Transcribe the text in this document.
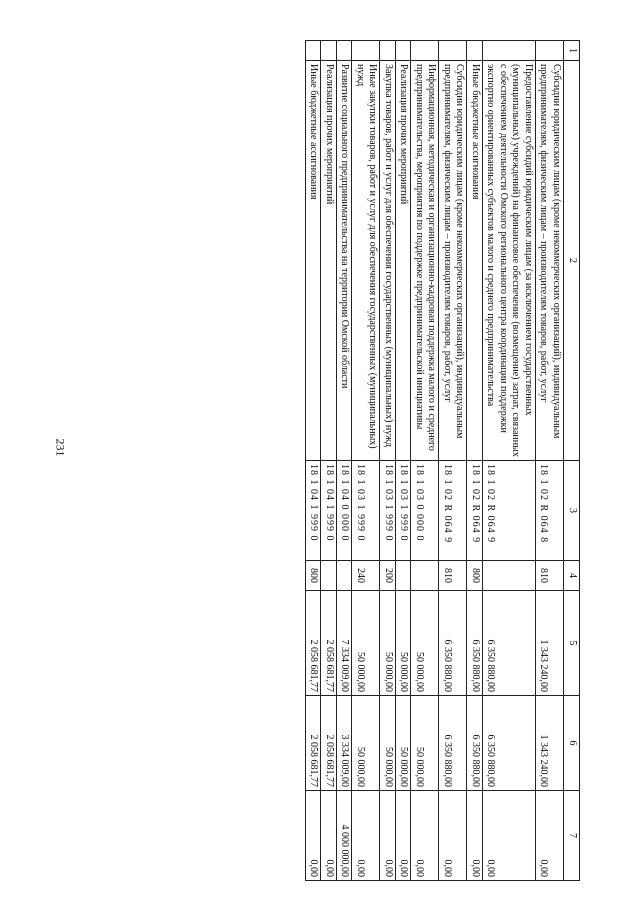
231
1	2	3	4	5	6	7
	Субсидии юридическим лицам (кроме некоммерческих организаций), индивидуальным предпринимателям, физическим лицам – производителям товаров, работ, услуг	18 1 02 R 064 8	810	1 343 240,00	1 343 240,00	0,00
	Предоставление субсидий юридическим лицам (за исключением государственных (муниципальных) учреждений) на финансовое обеспечение (возмещение) затрат, связанных с обеспечением деятельности Омского регионального центра координации поддержки экспортно ориентированных субъектов малого и среднего предпринимательства	18 1 02 R 064 9		6 350 880,00	6 350 880,00	0,00
	Иные бюджетные ассигнования	18 1 02 R 064 9	800	6 350 880,00	6 350 880,00	0,00
	Субсидии юридическим лицам (кроме некоммерческих организаций), индивидуальным предпринимателям, физическим лицам – производителям товаров, работ, услуг	18 1 02 R 064 9	810	6 350 880,00	6 350 880,00	0,00
	Информационная, методическая и организационно-кадровая поддержка малого и среднего предпринимательства, мероприятия по поддержке предпринимательской инициативы	18 1 03 0 000 0		50 000,00	50 000,00	0,00
	Реализация прочих мероприятий	18 1 03 1 999 0		50 000,00	50 000,00	0,00
	Закупка товаров, работ и услуг для обеспечения государственных (муниципальных) нужд	18 1 03 1 999 0	200	50 000,00	50 000,00	0,00
	Иные закупки товаров, работ и услуг для обеспечения государственных (муниципальных) нужд	18 1 03 1 999 0	240	50 000,00	50 000,00	0,00
	Развитие социального предпринимательства на территории Омской области	18 1 04 0 000 0		7 334 009,00	3 334 009,00	4 000 000,00
	Реализация прочих мероприятий	18 1 04 1 999 0		2 058 681,77	2 058 681,77	0,00
	Иные бюджетные ассигнования	18 1 04 1 999 0	800	2 058 681,77	2 058 681,77	0,00
